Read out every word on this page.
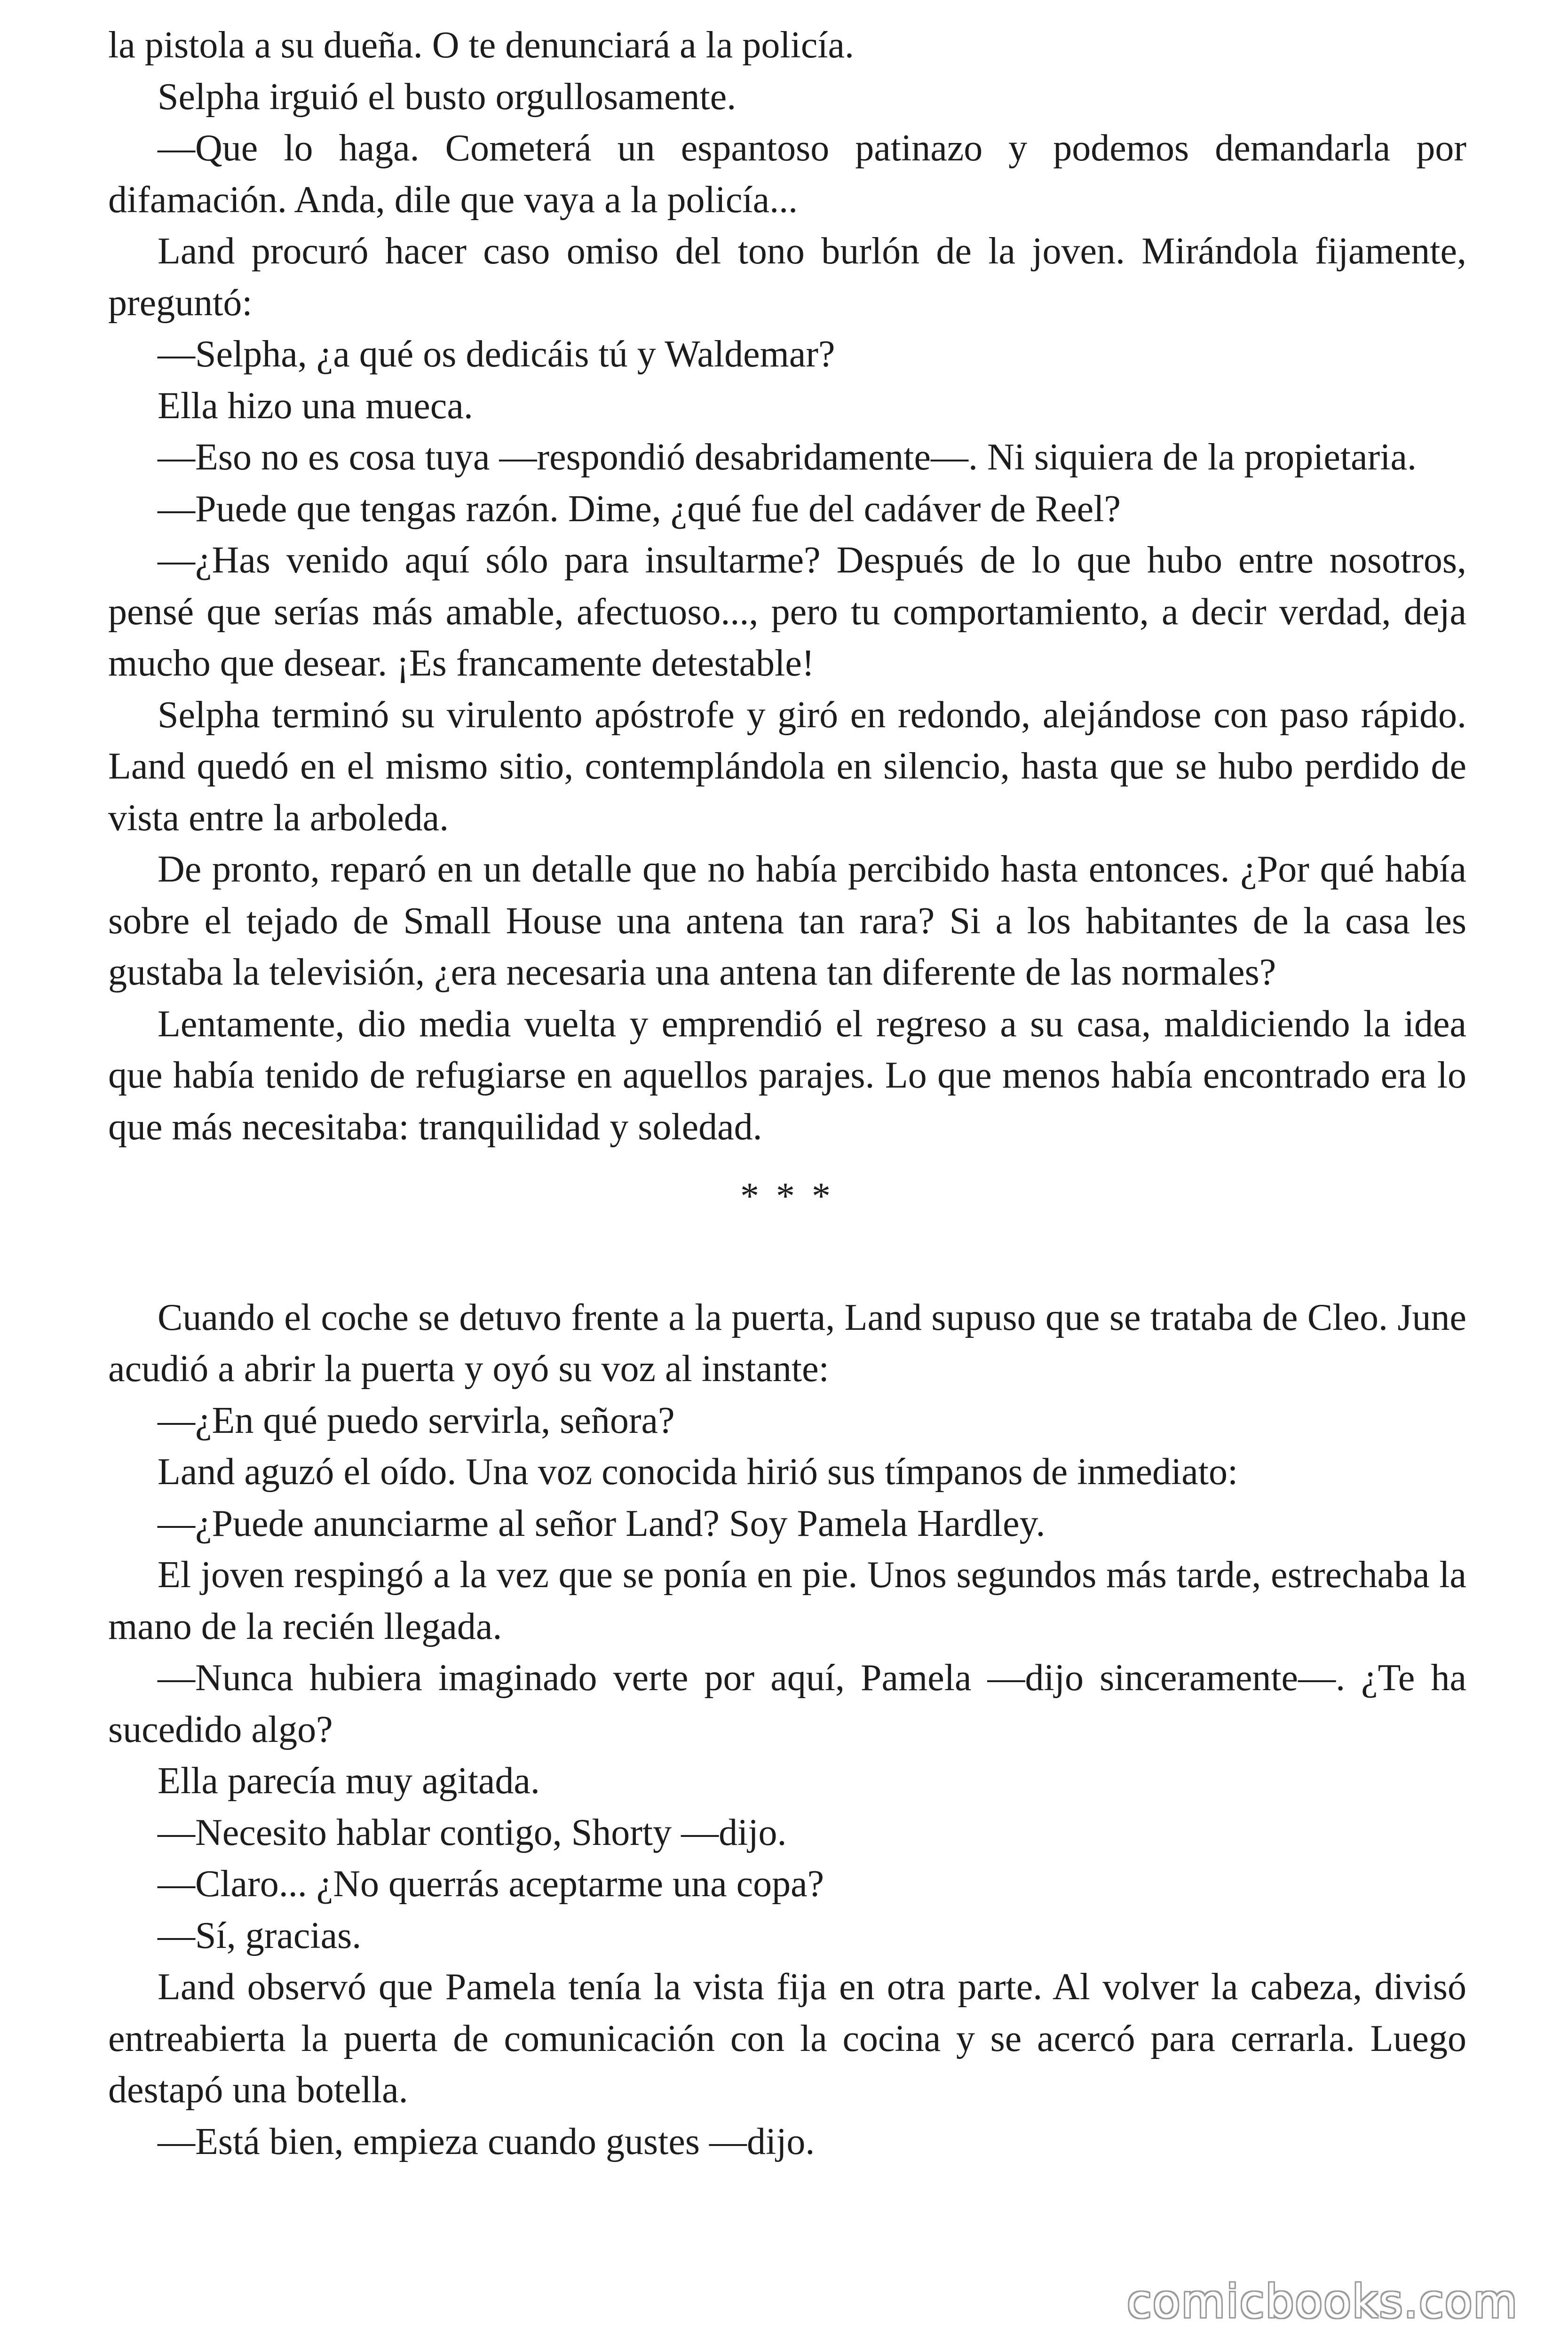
la pistola a su dueña. O te denunciará a la policía.

Selpha irguió el busto orgullosamente.

—Que lo haga. Cometerá un espantoso patinazo y podemos demandarla por difamación. Anda, dile que vaya a la policía...

Land procuró hacer caso omiso del tono burlón de la joven. Mirándola fijamente, preguntó:

—Selpha, ¿a qué os dedicáis tú y Waldemar?

Ella hizo una mueca.

—Eso no es cosa tuya —respondió desabridamente—. Ni siquiera de la propietaria.

—Puede que tengas razón. Dime, ¿qué fue del cadáver de Reel?

—¿Has venido aquí sólo para insultarme? Después de lo que hubo entre nosotros, pensé que serías más amable, afectuoso..., pero tu comportamiento, a decir verdad, deja mucho que desear. ¡Es francamente detestable!

Selpha terminó su virulento apóstrofe y giró en redondo, alejándose con paso rápido. Land quedó en el mismo sitio, contemplándola en silencio, hasta que se hubo perdido de vista entre la arboleda.

De pronto, reparó en un detalle que no había percibido hasta entonces. ¿Por qué había sobre el tejado de Small House una antena tan rara? Si a los habitantes de la casa les gustaba la televisión, ¿era necesaria una antena tan diferente de las normales?

Lentamente, dio media vuelta y emprendió el regreso a su casa, maldiciendo la idea que había tenido de refugiarse en aquellos parajes. Lo que menos había encontrado era lo que más necesitaba: tranquilidad y soledad.

* * *

Cuando el coche se detuvo frente a la puerta, Land supuso que se trataba de Cleo. June acudió a abrir la puerta y oyó su voz al instante:

—¿En qué puedo servirla, señora?

Land aguzó el oído. Una voz conocida hirió sus tímpanos de inmediato:

—¿Puede anunciarme al señor Land? Soy Pamela Hardley.

El joven respingó a la vez que se ponía en pie. Unos segundos más tarde, estrechaba la mano de la recién llegada.

—Nunca hubiera imaginado verte por aquí, Pamela —dijo sinceramente—. ¿Te ha sucedido algo?

Ella parecía muy agitada.

—Necesito hablar contigo, Shorty —dijo.

—Claro... ¿No querrás aceptarme una copa?

—Sí, gracias.

Land observó que Pamela tenía la vista fija en otra parte. Al volver la cabeza, divisó entreabierta la puerta de comunicación con la cocina y se acercó para cerrarla. Luego destapó una botella.

—Está bien, empieza cuando gustes —dijo.

comicbooks.com
